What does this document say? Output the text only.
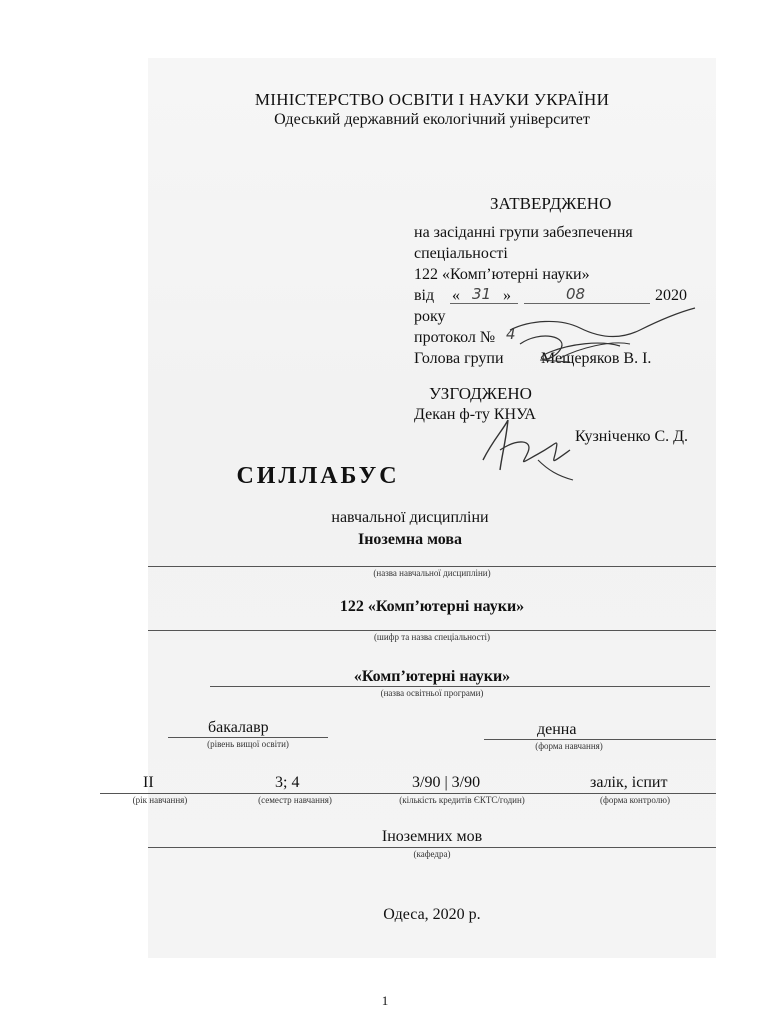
МІНІСТЕРСТВО ОСВІТИ І НАУКИ УКРАЇНИ
Одеський державний екологічний університет
ЗАТВЕРДЖЕНО
на засіданні групи забезпечення
спеціальності
122 «Комп’ютерні науки»
від « 31 »	08	2020
року
протокол № 4
Голова групи Мещеряков В. І.
УЗГОДЖЕНО
Декан ф-ту КНУА
Кузніченко С. Д.
СИЛЛАБУС
навчальної дисципліни
Іноземна мова
(назва навчальної дисципліни)
122 «Комп’ютерні науки»
(шифр та назва спеціальності)
«Комп’ютерні науки»
(назва освітньої програми)
бакалавр
(рівень вищої освіти)
денна
(форма навчання)
II
(рік навчання)
3; 4
(семестр навчання)
3/90 | 3/90
(кількість кредитів ЄКТС/годин)
залік, іспит
(форма контролю)
Іноземних мов
(кафедра)
Одеса, 2020 р.
1
